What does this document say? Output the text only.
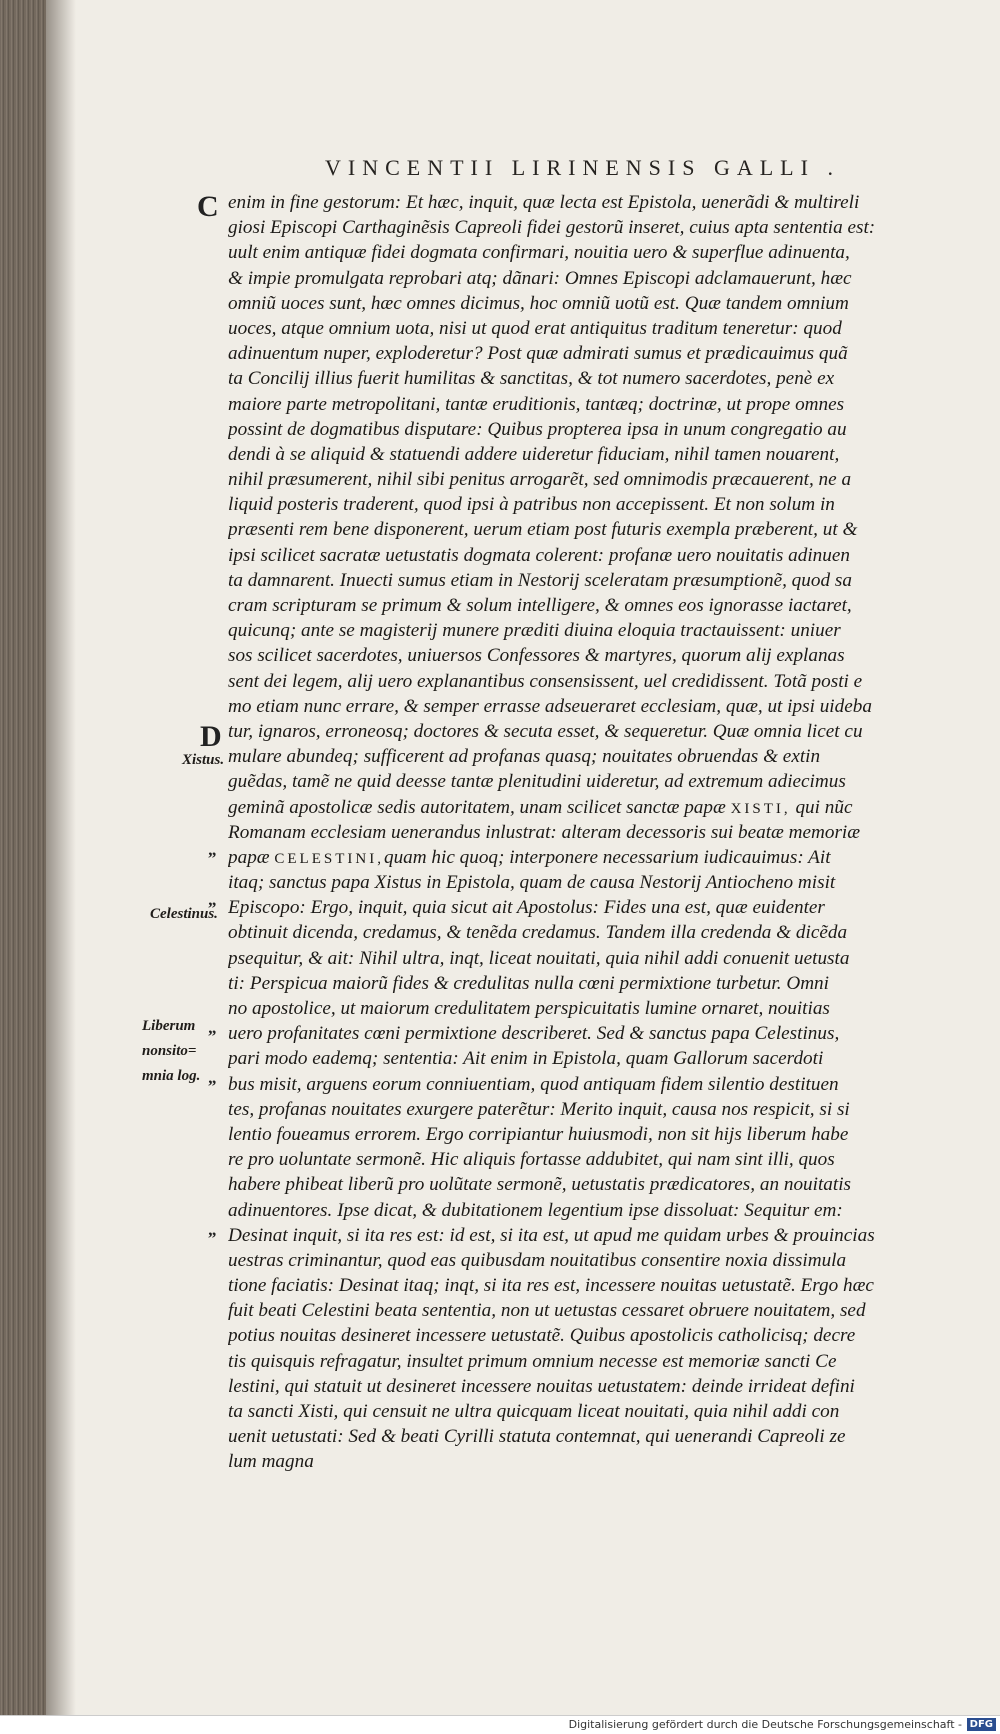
VINCENTII LIRINENSIS GALLI .
C
D
Xistus.
Celestinus.
Liberum
nonsito=
mnia log.
„
„
„
„
„
enim in fine gestorum: Et hæc, inquit, quæ lecta est Epistola, uenerãdi & multireli
giosi Episcopi Carthaginẽsis Capreoli fidei gestorũ inseret, cuius apta sententia est:
uult enim antiquæ fidei dogmata confirmari, nouitia uero & superflue adinuenta,
& impie promulgata reprobari atq; dãnari: Omnes Episcopi adclamauerunt, hæc
omniũ uoces sunt, hæc omnes dicimus, hoc omniũ uotũ est. Quæ tandem omnium
uoces, atque omnium uota, nisi ut quod erat antiquitus traditum teneretur: quod
adinuentum nuper, exploderetur? Post quæ admirati sumus et prædicauimus quã
ta Concilij illius fuerit humilitas & sanctitas, & tot numero sacerdotes, penè ex
maiore parte metropolitani, tantæ eruditionis, tantæq; doctrinæ, ut prope omnes
possint de dogmatibus disputare: Quibus propterea ipsa in unum congregatio au
dendi à se aliquid & statuendi addere uideretur fiduciam, nihil tamen nouarent,
nihil præsumerent, nihil sibi penitus arrogarẽt, sed omnimodis præcauerent, ne a
liquid posteris traderent, quod ipsi à patribus non accepissent. Et non solum in
præsenti rem bene disponerent, uerum etiam post futuris exempla præberent, ut &
ipsi scilicet sacratæ uetustatis dogmata colerent: profanæ uero nouitatis adinuen
ta damnarent. Inuecti sumus etiam in Nestorij sceleratam præsumptionẽ, quod sa
cram scripturam se primum & solum intelligere, & omnes eos ignorasse iactaret,
quicunq; ante se magisterij munere præditi diuina eloquia tractauissent: uniuer
sos scilicet sacerdotes, uniuersos Confessores & martyres, quorum alij explanas
sent dei legem, alij uero explanantibus consensissent, uel credidissent. Totã posti e
mo etiam nunc errare, & semper errasse adseueraret ecclesiam, quæ, ut ipsi uideba
tur, ignaros, erroneosq; doctores & secuta esset, & sequeretur. Quæ omnia licet cu
mulare abundeq; sufficerent ad profanas quasq; nouitates obruendas & extin
guẽdas, tamẽ ne quid deesse tantæ plenitudini uideretur, ad extremum adiecimus
geminã apostolicæ sedis autoritatem, unam scilicet sanctæ papæ XISTI, qui nũc
Romanam ecclesiam uenerandus inlustrat: alteram decessoris sui beatæ memoriæ
papæ CELESTINI,quam hic quoq; interponere necessarium iudicauimus: Ait
itaq; sanctus papa Xistus in Epistola, quam de causa Nestorij Antiocheno misit
Episcopo: Ergo, inquit, quia sicut ait Apostolus: Fides una est, quæ euidenter
obtinuit dicenda, credamus, & tenẽda credamus. Tandem illa credenda & dicẽda
psequitur, & ait: Nihil ultra, inqt, liceat nouitati, quia nihil addi conuenit uetusta
ti: Perspicua maiorũ fides & credulitas nulla cœni permixtione turbetur. Omni
no apostolice, ut maiorum credulitatem perspicuitatis lumine ornaret, nouitias
uero profanitates cœni permixtione describeret. Sed & sanctus papa Celestinus,
pari modo eademq; sententia: Ait enim in Epistola, quam Gallorum sacerdoti
bus misit, arguens eorum conniuentiam, quod antiquam fidem silentio destituen
tes, profanas nouitates exurgere paterẽtur: Merito inquit, causa nos respicit, si si
lentio foueamus errorem. Ergo corripiantur huiusmodi, non sit hijs liberum habe
re pro uoluntate sermonẽ. Hic aliquis fortasse addubitet, qui nam sint illi, quos
habere phibeat liberũ pro uolũtate sermonẽ, uetustatis prædicatores, an nouitatis
adinuentores. Ipse dicat, & dubitationem legentium ipse dissoluat: Sequitur em:
Desinat inquit, si ita res est: id est, si ita est, ut apud me quidam urbes & prouincias
uestras criminantur, quod eas quibusdam nouitatibus consentire noxia dissimula
tione faciatis: Desinat itaq; inqt, si ita res est, incessere nouitas uetustatẽ. Ergo hæc
fuit beati Celestini beata sententia, non ut uetustas cessaret obruere nouitatem, sed
potius nouitas desineret incessere uetustatẽ. Quibus apostolicis catholicisq; decre
tis quisquis refragatur, insultet primum omnium necesse est memoriæ sancti Ce
lestini, qui statuit ut desineret incessere nouitas uetustatem: deinde irrideat defini
ta sancti Xisti, qui censuit ne ultra quicquam liceat nouitati, quia nihil addi con
uenit uetustati: Sed & beati Cyrilli statuta contemnat, qui uenerandi Capreoli ze
lum magna
Digitalisierung gefördert durch die Deutsche Forschungsgemeinschaft - DFG
